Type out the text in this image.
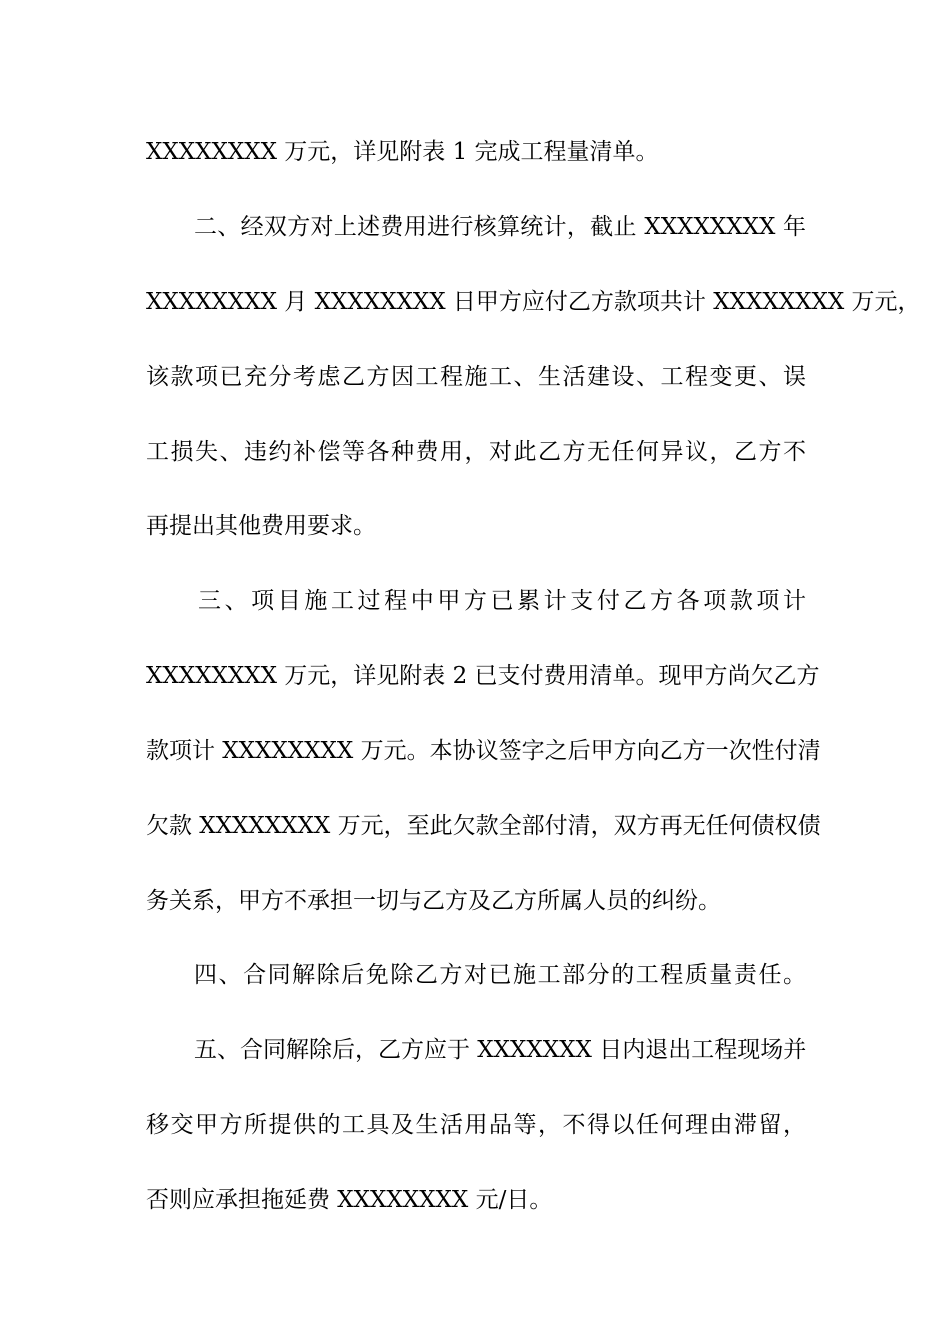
XXXXXXXX 万元，详见附表 1 完成工程量清单。

二、经双方对上述费用进行核算统计，截止 XXXXXXXX 年

XXXXXXXX 月 XXXXXXXX 日甲方应付乙方款项共计 XXXXXXXX 万元，

该款项已充分考虑乙方因工程施工、生活建设、工程变更、误

工损失、违约补偿等各种费用，对此乙方无任何异议，乙方不

再提出其他费用要求。

三、项目施工过程中甲方已累计支付乙方各项款项计

XXXXXXXX 万元，详见附表 2 已支付费用清单。现甲方尚欠乙方

款项计 XXXXXXXX 万元。本协议签字之后甲方向乙方一次性付清

欠款 XXXXXXXX 万元，至此欠款全部付清，双方再无任何债权债

务关系，甲方不承担一切与乙方及乙方所属人员的纠纷。

四、合同解除后免除乙方对已施工部分的工程质量责任。

五、合同解除后，乙方应于 XXXXXXX 日内退出工程现场并

移交甲方所提供的工具及生活用品等，不得以任何理由滞留，

否则应承担拖延费 XXXXXXXX 元/日。
